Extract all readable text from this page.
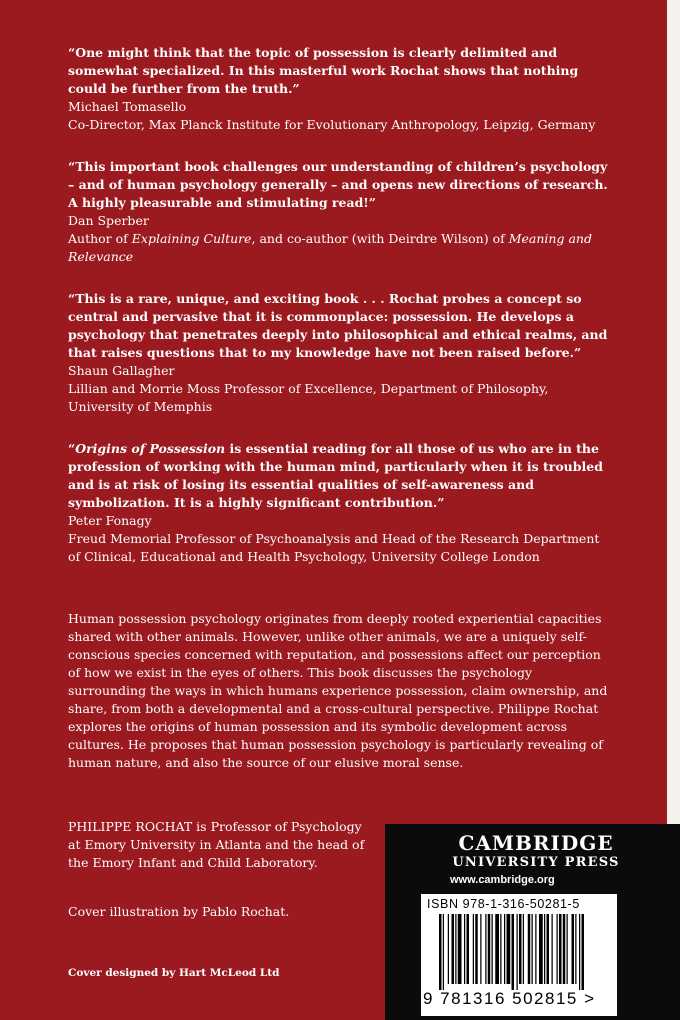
“One might think that the topic of possession is clearly delimited and somewhat specialized. In this masterful work Rochat shows that nothing could be further from the truth.”

Michael Tomasello

Co-Director, Max Planck Institute for Evolutionary Anthropology, Leipzig, Germany

“This important book challenges our understanding of children’s psychology – and of human psychology generally – and opens new directions of research. A highly pleasurable and stimulating read!”

Dan Sperber

Author of Explaining Culture, and co-author (with Deirdre Wilson) of Meaning and Relevance

“This is a rare, unique, and exciting book . . . Rochat probes a concept so central and pervasive that it is commonplace: possession. He develops a psychology that penetrates deeply into philosophical and ethical realms, and that raises questions that to my knowledge have not been raised before.”

Shaun Gallagher

Lillian and Morrie Moss Professor of Excellence, Department of Philosophy, University of Memphis

“Origins of Possession is essential reading for all those of us who are in the profession of working with the human mind, particularly when it is troubled and is at risk of losing its essential qualities of self-awareness and symbolization. It is a highly significant contribution.”

Peter Fonagy

Freud Memorial Professor of Psychoanalysis and Head of the Research Department of Clinical, Educational and Health Psychology, University College London

Human possession psychology originates from deeply rooted experiential capacities shared with other animals. However, unlike other animals, we are a uniquely self-conscious species concerned with reputation, and possessions affect our perception of how we exist in the eyes of others. This book discusses the psychology surrounding the ways in which humans experience possession, claim ownership, and share, from both a developmental and a cross-cultural perspective. Philippe Rochat explores the origins of human possession and its symbolic development across cultures. He proposes that human possession psychology is particularly revealing of human nature, and also the source of our elusive moral sense.

PHILIPPE ROCHAT is Professor of Psychology at Emory University in Atlanta and the head of the Emory Infant and Child Laboratory.

Cover illustration by Pablo Rochat.

Cover designed by Hart McLeod Ltd

CAMBRIDGE
UNIVERSITY PRESS
www.cambridge.org
ISBN 978-1-316-50281-5
9 781316 502815 >
